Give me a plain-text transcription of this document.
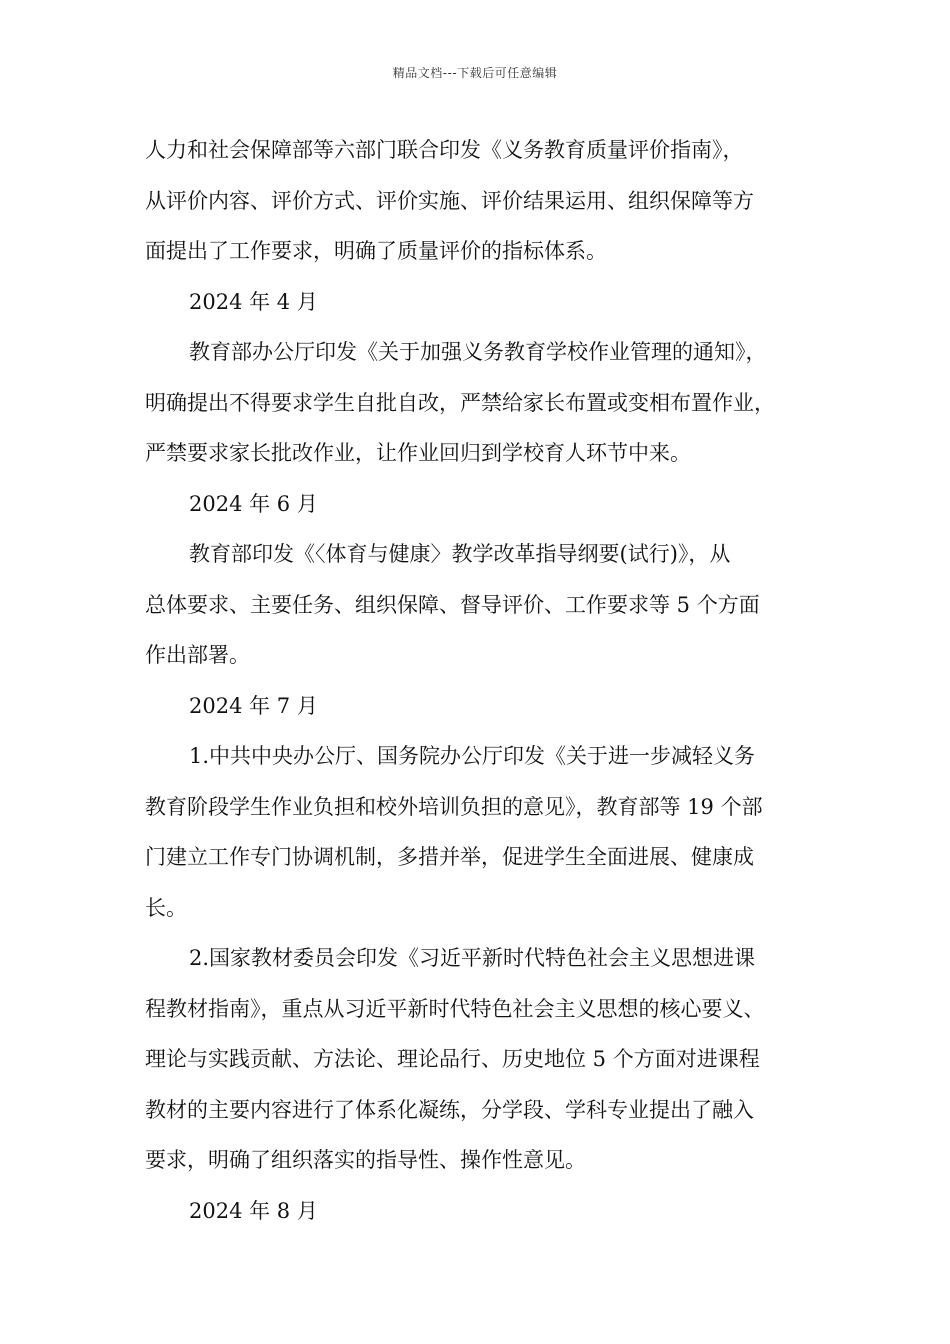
精品文档---下载后可任意编辑
人力和社会保障部等六部门联合印发《义务教育质量评价指南》，
从评价内容、评价方式、评价实施、评价结果运用、组织保障等方
面提出了工作要求，明确了质量评价的指标体系。
2024 年 4 月
教育部办公厅印发《关于加强义务教育学校作业管理的通知》，
明确提出不得要求学生自批自改，严禁给家长布置或变相布置作业，
严禁要求家长批改作业，让作业回归到学校育人环节中来。
2024 年 6 月
教育部印发《〈体育与健康〉教学改革指导纲要(试行)》，从
总体要求、主要任务、组织保障、督导评价、工作要求等 5 个方面
作出部署。
2024 年 7 月
1.中共中央办公厅、国务院办公厅印发《关于进一步减轻义务
教育阶段学生作业负担和校外培训负担的意见》，教育部等 19 个部
门建立工作专门协调机制，多措并举，促进学生全面进展、健康成
长。
2.国家教材委员会印发《习近平新时代特色社会主义思想进课
程教材指南》，重点从习近平新时代特色社会主义思想的核心要义、
理论与实践贡献、方法论、理论品行、历史地位 5 个方面对进课程
教材的主要内容进行了体系化凝练，分学段、学科专业提出了融入
要求，明确了组织落实的指导性、操作性意见。
2024 年 8 月
